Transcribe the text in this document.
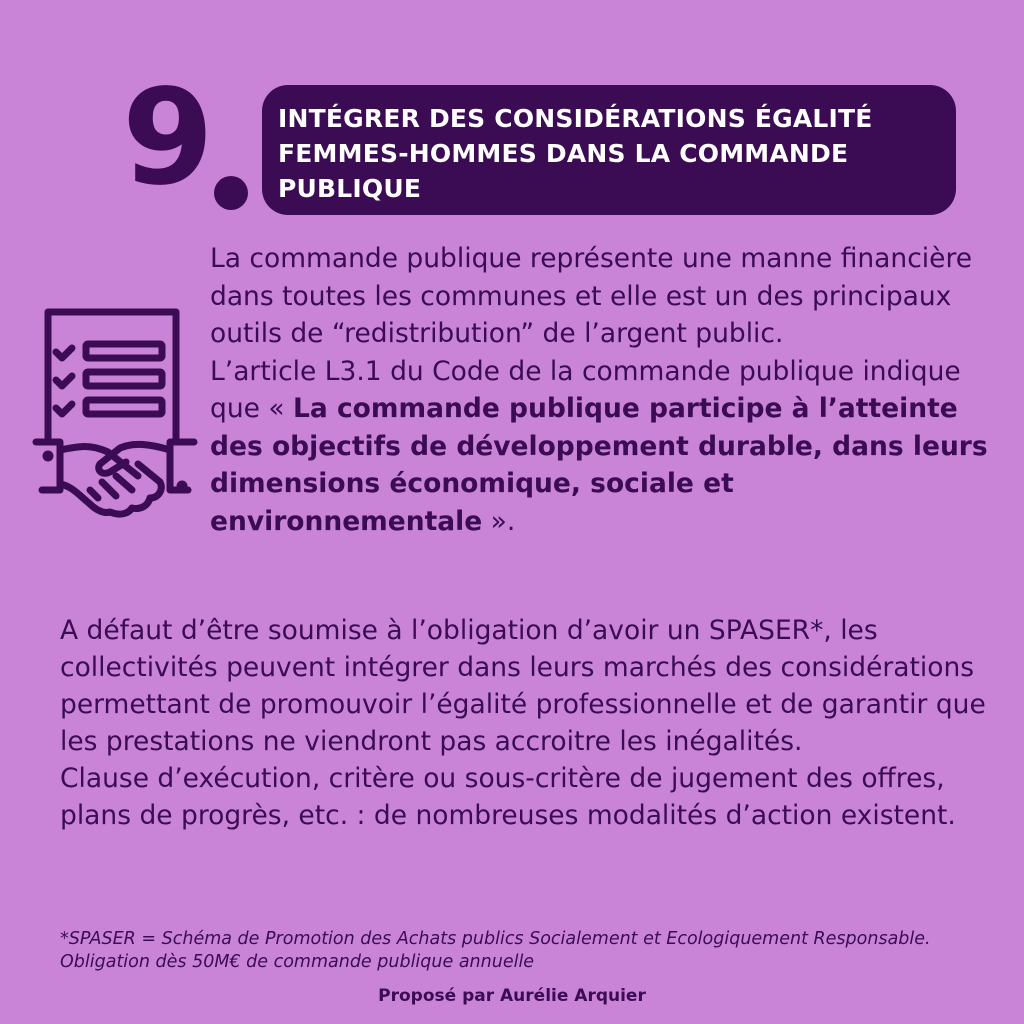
9	INTÉGRER DES CONSIDÉRATIONS ÉGALITÉ FEMMES-HOMMES DANS LA COMMANDE PUBLIQUE
La commande publique représente une manne financière dans toutes les communes et elle est un des principaux outils de “redistribution” de l’argent public.
L’article L3.1 du Code de la commande publique indique que « La commande publique participe à l’atteinte des objectifs de développement durable, dans leurs dimensions économique, sociale et environnementale ».
A défaut d’être soumise à l’obligation d’avoir un SPASER*, les collectivités peuvent intégrer dans leurs marchés des considérations permettant de promouvoir l’égalité professionnelle et de garantir que les prestations ne viendront pas accroitre les inégalités.
Clause d’exécution, critère ou sous-critère de jugement des offres, plans de progrès, etc. : de nombreuses modalités d’action existent.
*SPASER = Schéma de Promotion des Achats publics Socialement et Ecologiquement Responsable. Obligation dès 50M€ de commande publique annuelle
Proposé par Aurélie Arquier
